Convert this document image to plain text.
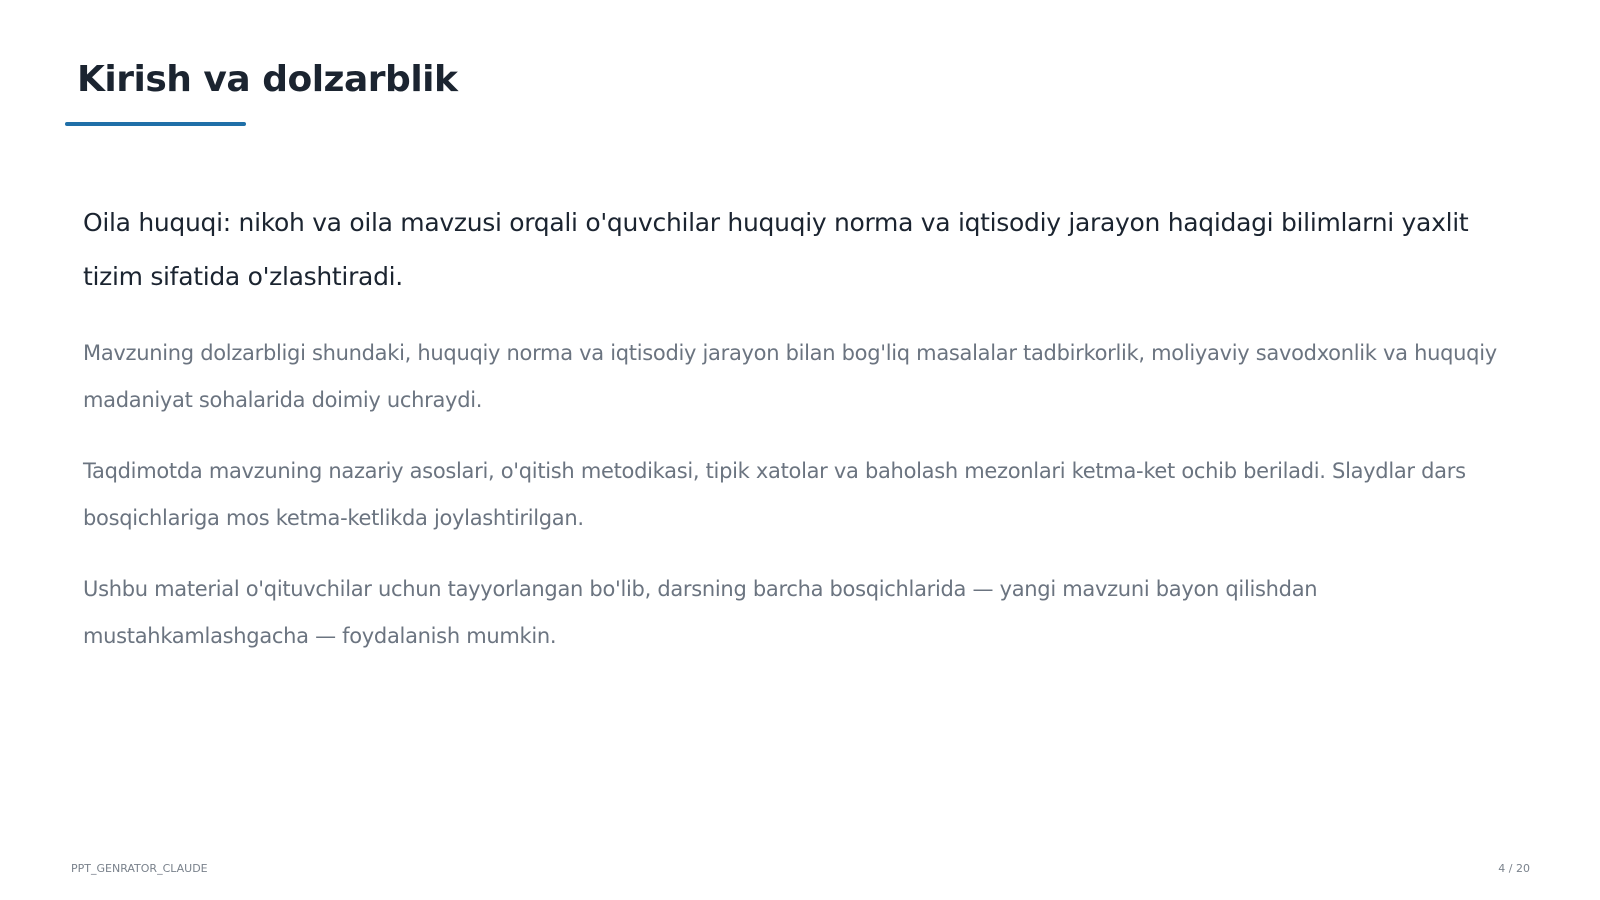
Kirish va dolzarblik

Oila huquqi: nikoh va oila mavzusi orqali o'quvchilar huquqiy norma va iqtisodiy jarayon haqidagi bilimlarni yaxlit tizim sifatida o'zlashtiradi.

Mavzuning dolzarbligi shundaki, huquqiy norma va iqtisodiy jarayon bilan bog'liq masalalar tadbirkorlik, moliyaviy savodxonlik va huquqiy madaniyat sohalarida doimiy uchraydi.

Taqdimotda mavzuning nazariy asoslari, o'qitish metodikasi, tipik xatolar va baholash mezonlari ketma-ket ochib beriladi. Slaydlar dars bosqichlariga mos ketma-ketlikda joylashtirilgan.

Ushbu material o'qituvchilar uchun tayyorlangan bo'lib, darsning barcha bosqichlarida — yangi mavzuni bayon qilishdan mustahkamlashgacha — foydalanish mumkin.

PPT_GENRATOR_CLAUDE	4 / 20
